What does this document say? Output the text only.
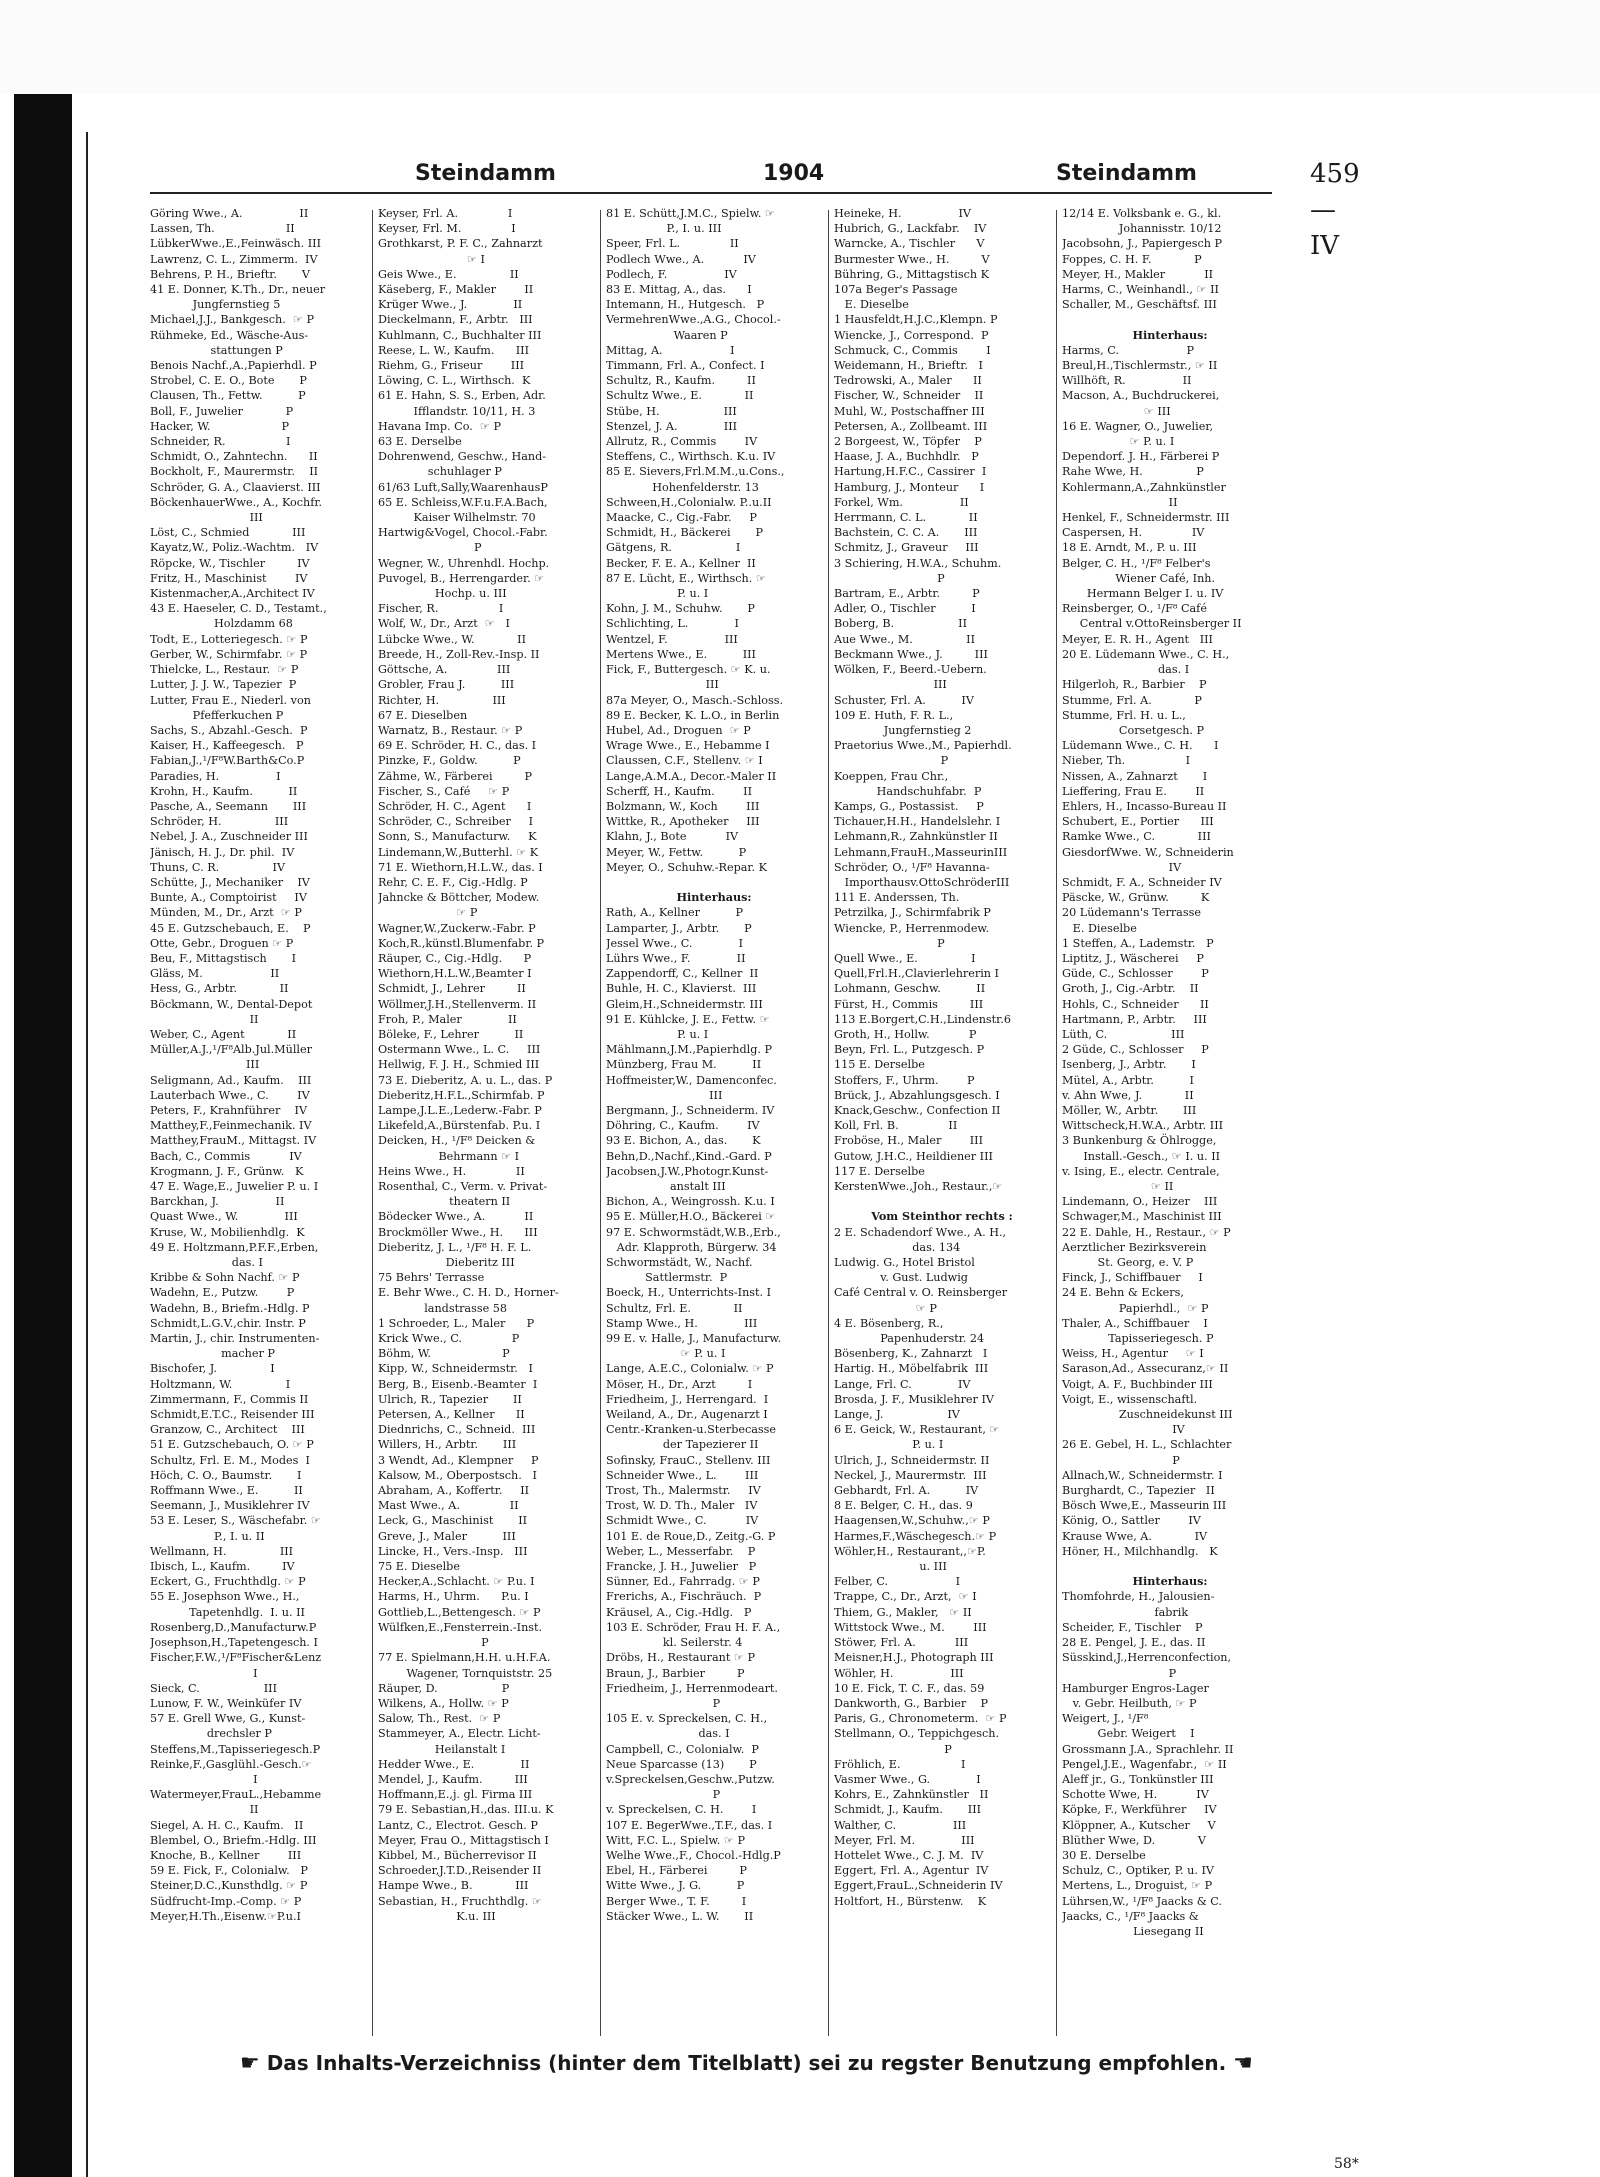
Steindamm	1904	Steindamm	459—IV
Göring Wwe., A.                II
Lassen, Th.                    II
LübkerWwe.,E.,Feinwäsch. III
Lawrenz, C. L., Zimmerm.  IV
Behrens, P. H., Brieftr.       V
41 E. Donner, K.Th., Dr., neuer
Jungfernstieg 5
Michael,J.J., Bankgesch.  ☞ P
Rühmeke, Ed., Wäsche-Aus-
stattungen P
Benois Nachf.,A.,Papierhdl. P
Strobel, C. E. O., Bote       P
Clausen, Th., Fettw.          P
Boll, F., Juwelier            P
Hacker, W.                    P
Schneider, R.                 I
Schmidt, O., Zahntechn.      II
Bockholt, F., Maurermstr.    II
Schröder, G. A., Claavierst. III
BöckenhauerWwe., A., Kochfr.
III
Löst, C., Schmied            III
Kayatz,W., Poliz.-Wachtm.   IV
Röpcke, W., Tischler         IV
Fritz, H., Maschinist        IV
Kistenmacher,A.,Architect IV
43 E. Haeseler, C. D., Testamt.,
Holzdamm 68
Todt, E., Lotteriegesch. ☞ P
Gerber, W., Schirmfabr. ☞ P
Thielcke, L., Restaur.  ☞ P
Lutter, J. J. W., Tapezier  P
Lutter, Frau E., Niederl. von
Pfefferkuchen P
Sachs, S., Abzahl.-Gesch.  P
Kaiser, H., Kaffeegesch.   P
Fabian,J.,¹/F⁸W.Barth&Co.P
Paradies, H.                I
Krohn, H., Kaufm.          II
Pasche, A., Seemann       III
Schröder, H.               III
Nebel, J. A., Zuschneider III
Jänisch, H. J., Dr. phil.  IV
Thuns, C. R.               IV
Schütte, J., Mechaniker    IV
Bunte, A., Comptoirist     IV
Münden, M., Dr., Arzt  ☞ P
45 E. Gutzschebauch, E.    P
Otte, Gebr., Droguen ☞ P
Beu, F., Mittagstisch       I
Gläss, M.                   II
Hess, G., Arbtr.            II
Böckmann, W., Dental-Depot
II
Weber, C., Agent            II
Müller,A.J.,¹/F⁸Alb.Jul.Müller
III
Seligmann, Ad., Kaufm.    III
Lauterbach Wwe., C.        IV
Peters, F., Krahnführer    IV
Matthey,F.,Feinmechanik. IV
Matthey,FrauM., Mittagst. IV
Bach, C., Commis           IV
Krogmann, J. F., Grünw.   K
47 E. Wage,E., Juwelier P. u. I
Barckhan, J.                II
Quast Wwe., W.             III
Kruse, W., Mobilienhdlg.  K
49 E. Holtzmann,P.F.F.,Erben,
das. I
Kribbe & Sohn Nachf. ☞ P
Wadehn, E., Putzw.        P
Wadehn, B., Briefm.-Hdlg. P
Schmidt,L.G.V.,chir. Instr. P
Martin, J., chir. Instrumenten-
macher P
Bischofer, J.               I
Holtzmann, W.               I
Zimmermann, F., Commis II
Schmidt,E.T.C., Reisender III
Granzow, C., Architect    III
51 E. Gutzschebauch, O. ☞ P
Schultz, Frl. E. M., Modes  I
Höch, C. O., Baumstr.       I
Roffmann Wwe., E.          II
Seemann, J., Musiklehrer IV
53 E. Leser, S., Wäschefabr. ☞
P., I. u. II
Wellmann, H.               III
Ibisch, L., Kaufm.         IV
Eckert, G., Fruchthdlg. ☞ P
55 E. Josephson Wwe., H.,
Tapetenhdlg.  I. u. II
Rosenberg,D.,Manufacturw.P
Josephson,H.,Tapetengesch. I
Fischer,F.W.,¹/F⁸Fischer&Lenz
I
Sieck, C.                  III
Lunow, F. W., Weinküfer IV
57 E. Grell Wwe, G., Kunst-
drechsler P
Steffens,M.,Tapisseriegesch.P
Reinke,F.,Gasglühl.-Gesch.☞
I
Watermeyer,FrauL.,Hebamme
II
Siegel, A. H. C., Kaufm.   II
Blembel, O., Briefm.-Hdlg. III
Knoche, B., Kellner        III
59 E. Fick, F., Colonialw.   P
Steiner,D.C.,Kunsthdlg. ☞ P
Südfrucht-Imp.-Comp. ☞ P
Meyer,H.Th.,Eisenw.☞P.u.I
Keyser, Frl. A.              I
Keyser, Frl. M.              I
Grothkarst, P. F. C., Zahnarzt
☞ I
Geis Wwe., E.               II
Käseberg, F., Makler        II
Krüger Wwe., J.             II
Dieckelmann, F., Arbtr.   III
Kuhlmann, C., Buchhalter III
Reese, L. W., Kaufm.      III
Riehm, G., Friseur        III
Löwing, C. L., Wirthsch.  K
61 E. Hahn, S. S., Erben, Adr.
Ifflandstr. 10/11, H. 3
Havana Imp. Co.  ☞ P
63 E. Derselbe
Dohrenwend, Geschw., Hand-
schuhlager P
61/63 Luft,Sally,WaarenhausP
65 E. Schleiss,W.F.u.F.A.Bach,
Kaiser Wilhelmstr. 70
Hartwig&Vogel, Chocol.-Fabr.
P
Wegner, W., Uhrenhdl. Hochp.
Puvogel, B., Herrengarder. ☞
Hochp. u. III
Fischer, R.                 I
Wolf, W., Dr., Arzt  ☞   I
Lübcke Wwe., W.            II
Breede, H., Zoll-Rev.-Insp. II
Göttsche, A.              III
Grobler, Frau J.          III
Richter, H.               III
67 E. Dieselben
Warnatz, B., Restaur. ☞ P
69 E. Schröder, H. C., das. I
Pinzke, F., Goldw.          P
Zähme, W., Färberei         P
Fischer, S., Café     ☞ P
Schröder, H. C., Agent      I
Schröder, C., Schreiber     I
Sonn, S., Manufacturw.     K
Lindemann,W.,Butterhl. ☞ K
71 E. Wiethorn,H.L.W., das. I
Rehr, C. E. F., Cig.-Hdlg. P
Jahncke & Böttcher, Modew.
☞ P
Wagner,W.,Zuckerw.-Fabr. P
Koch,R.,künstl.Blumenfabr. P
Räuper, C., Cig.-Hdlg.      P
Wiethorn,H.L.W.,Beamter I
Schmidt, J., Lehrer         II
Wöllmer,J.H.,Stellenverm. II
Froh, P., Maler             II
Böleke, F., Lehrer          II
Ostermann Wwe., L. C.     III
Hellwig, F. J. H., Schmied III
73 E. Dieberitz, A. u. L., das. P
Dieberitz,H.F.L.,Schirmfab. P
Lampe,J.L.E.,Lederw.-Fabr. P
Likefeld,A.,Bürstenfab. P.u. I
Deicken, H., ¹/F⁸ Deicken &
Behrmann ☞ I
Heins Wwe., H.              II
Rosenthal, C., Verm. v. Privat-
theatern II
Bödecker Wwe., A.           II
Brockmöller Wwe., H.      III
Dieberitz, J. L., ¹/F⁸ H. F. L.
Dieberitz III
75 Behrs' Terrasse
E. Behr Wwe., C. H. D., Horner-
landstrasse 58
1 Schroeder, L., Maler      P
Krick Wwe., C.              P
Böhm, W.                    P
Kipp, W., Schneidermstr.   I
Berg, B., Eisenb.-Beamter  I
Ulrich, R., Tapezier       II
Petersen, A., Kellner      II
Diednrichs, C., Schneid.  III
Willers, H., Arbtr.       III
3 Wendt, Ad., Klempner     P
Kalsow, M., Oberpostsch.   I
Abraham, A., Koffertr.     II
Mast Wwe., A.              II
Leck, G., Maschinist       II
Greve, J., Maler          III
Lincke, H., Vers.-Insp.   III
75 E. Dieselbe
Hecker,A.,Schlacht. ☞ P.u. I
Harms, H., Uhrm.      P.u. I
Gottlieb,L.,Bettengesch. ☞ P
Wülfken,E.,Fensterrein.-Inst.
P
77 E. Spielmann,H.H. u.H.F.A.
Wagener, Tornquiststr. 25
Räuper, D.                  P
Wilkens, A., Hollw. ☞ P
Salow, Th., Rest.  ☞ P
Stammeyer, A., Electr. Licht-
Heilanstalt I
Hedder Wwe., E.             II
Mendel, J., Kaufm.         III
Hoffmann,E.,j. gl. Firma III
79 E. Sebastian,H.,das. III.u. K
Lantz, C., Electrot. Gesch. P
Meyer, Frau O., Mittagstisch I
Kibbel, M., Bücherrevisor II
Schroeder,J.T.D.,Reisender II
Hampe Wwe., B.            III
Sebastian, H., Fruchthdlg. ☞
K.u. III
81 E. Schütt,J.M.C., Spielw. ☞
P., I. u. III
Speer, Frl. L.              II
Podlech Wwe., A.           IV
Podlech, F.                IV
83 E. Mittag, A., das.      I
Intemann, H., Hutgesch.   P
VermehrenWwe.,A.G., Chocol.-
Waaren P
Mittag, A.                   I
Timmann, Frl. A., Confect. I
Schultz, R., Kaufm.         II
Schultz Wwe., E.            II
Stübe, H.                  III
Stenzel, J. A.             III
Allrutz, R., Commis        IV
Steffens, C., Wirthsch. K.u. IV
85 E. Sievers,Frl.M.M.,u.Cons.,
Hohenfelderstr. 13
Schween,H.,Colonialw. P..u.II
Maacke, C., Cig.-Fabr.     P
Schmidt, H., Bäckerei       P
Gätgens, R.                  I
Becker, F. E. A., Kellner  II
87 E. Lücht, E., Wirthsch. ☞
P. u. I
Kohn, J. M., Schuhw.       P
Schlichting, L.             I
Wentzel, F.                III
Mertens Wwe., E.          III
Fick, F., Buttergesch. ☞ K. u.
III
87a Meyer, O., Masch.-Schloss.
89 E. Becker, K. L.O., in Berlin
Hubel, Ad., Droguen  ☞ P
Wrage Wwe., E., Hebamme I
Claussen, C.F., Stellenv. ☞ I
Lange,A.M.A., Decor.-Maler II
Scherff, H., Kaufm.        II
Bolzmann, W., Koch        III
Wittke, R., Apotheker     III
Klahn, J., Bote           IV
Meyer, W., Fettw.          P
Meyer, O., Schuhw.-Repar. K

Hinterhaus:
Rath, A., Kellner          P
Lamparter, J., Arbtr.       P
Jessel Wwe., C.             I
Lührs Wwe., F.             II
Zappendorff, C., Kellner  II
Buhle, H. C., Klavierst.  III
Gleim,H.,Schneidermstr. III
91 E. Kühlcke, J. E., Fettw. ☞
P. u. I
Mählmann,J.M.,Papierhdlg. P
Münzberg, Frau M.          II
Hoffmeister,W., Damenconfec.
III
Bergmann, J., Schneiderm. IV
Döhring, C., Kaufm.        IV
93 E. Bichon, A., das.       K
Behn,D.,Nachf.,Kind.-Gard. P
Jacobsen,J.W.,Photogr.Kunst-
anstalt III
Bichon, A., Weingrossh. K.u. I
95 E. Müller,H.O., Bäckerei ☞
97 E. Schwormstädt,W.B.,Erb.,
Adr. Klapproth, Bürgerw. 34
Schwormstädt, W., Nachf.
Sattlermstr.  P
Boeck, H., Unterrichts-Inst. I
Schultz, Frl. E.            II
Stamp Wwe., H.             III
99 E. v. Halle, J., Manufacturw.
☞ P. u. I
Lange, A.E.C., Colonialw. ☞ P
Möser, H., Dr., Arzt         I
Friedheim, J., Herrengard.  I
Weiland, A., Dr., Augenarzt I
Centr.-Kranken-u.Sterbecasse
der Tapezierer II
Sofinsky, FrauC., Stellenv. III
Schneider Wwe., L.        III
Trost, Th., Malermstr.     IV
Trost, W. D. Th., Maler   IV
Schmidt Wwe., C.           IV
101 E. de Roue,D., Zeitg.-G. P
Weber, L., Messerfabr.    P
Francke, J. H., Juwelier   P
Sünner, Ed., Fahrradg. ☞ P
Frerichs, A., Fischräuch.  P
Kräusel, A., Cig.-Hdlg.   P
103 E. Schröder, Frau H. F. A.,
kl. Seilerstr. 4
Dröbs, H., Restaurant ☞ P
Braun, J., Barbier         P
Friedheim, J., Herrenmodeart.
P
105 E. v. Spreckelsen, C. H.,
das. I
Campbell, C., Colonialw.  P
Neue Sparcasse (13)       P
v.Spreckelsen,Geschw.,Putzw.
P
v. Spreckelsen, C. H.        I
107 E. BegerWwe.,T.F., das. I
Witt, F.C. L., Spielw. ☞ P
Welhe Wwe.,F., Chocol.-Hdlg.P
Ebel, H., Färberei         P
Witte Wwe., J. G.          P
Berger Wwe., T. F.         I
Stäcker Wwe., L. W.       II
Heineke, H.                IV
Hubrich, G., Lackfabr.    IV
Warncke, A., Tischler      V
Burmester Wwe., H.         V
Bühring, G., Mittagstisch K
107a Beger's Passage
E. Dieselbe
1 Hausfeldt,H.J.C.,Klempn. P
Wiencke, J., Correspond.  P
Schmuck, C., Commis        I
Weidemann, H., Brieftr.   I
Tedrowski, A., Maler      II
Fischer, W., Schneider    II
Muhl, W., Postschaffner III
Petersen, A., Zollbeamt. III
2 Borgeest, W., Töpfer    P
Haase, J. A., Buchhdlr.   P
Hartung,H.F.C., Cassirer  I
Hamburg, J., Monteur      I
Forkel, Wm.                II
Herrmann, C. L.            II
Bachstein, C. C. A.       III
Schmitz, J., Graveur     III
3 Schiering, H.W.A., Schuhm.
P
Bartram, E., Arbtr.         P
Adler, O., Tischler          I
Boberg, B.                  II
Aue Wwe., M.               II
Beckmann Wwe., J.         III
Wölken, F., Beerd.-Uebern.
III
Schuster, Frl. A.          IV
109 E. Huth, F. R. L.,
Jungfernstieg 2
Praetorius Wwe.,M., Papierhdl.
P
Koeppen, Frau Chr.,
Handschuhfabr.  P
Kamps, G., Postassist.     P
Tichauer,H.H., Handelslehr. I
Lehmann,R., Zahnkünstler II
Lehmann,FrauH.,MasseurinIII
Schröder, O., ¹/F⁸ Havanna-
Importhausv.OttoSchröderIII
111 E. Anderssen, Th.
Petrzilka, J., Schirmfabrik P
Wiencke, P., Herrenmodew.
P
Quell Wwe., E.               I
Quell,Frl.H.,Clavierlehrerin I
Lohmann, Geschw.          II
Fürst, H., Commis         III
113 E.Borgert,C.H.,Lindenstr.6
Groth, H., Hollw.           P
Beyn, Frl. L., Putzgesch. P
115 E. Derselbe
Stoffers, F., Uhrm.        P
Brück, J., Abzahlungsgesch. I
Knack,Geschw., Confection II
Koll, Frl. B.              II
Froböse, H., Maler        III
Gutow, J.H.C., Heildiener III
117 E. Derselbe
KerstenWwe.,Joh., Restaur.,☞

Vom Steinthor rechts :
2 E. Schadendorf Wwe., A. H.,
das. 134
Ludwig. G., Hotel Bristol
v. Gust. Ludwig
Café Central v. O. Reinsberger
☞ P
4 E. Bösenberg, R.,
Papenhuderstr. 24
Bösenberg, K., Zahnarzt   I
Hartig. H., Möbelfabrik  III
Lange, Frl. C.             IV
Brosda, J. F., Musiklehrer IV
Lange, J.                  IV
6 E. Geick, W., Restaurant, ☞
P. u. I
Ulrich, J., Schneidermstr. II
Neckel, J., Maurermstr.  III
Gebhardt, Frl. A.          IV
8 E. Belger, C. H., das. 9
Haagensen,W.,Schuhw.,☞ P
Harmes,F.,Wäschegesch.☞ P
Wöhler,H., Restaurant,,☞P.
u. III
Felber, C.                   I
Trappe, C., Dr., Arzt,  ☞ I
Thiem, G., Makler,   ☞ II
Wittstock Wwe., M.        III
Stöwer, Frl. A.           III
Meisner,H.J., Photograph III
Wöhler, H.                III
10 E. Fick, T. C. F., das. 59
Dankworth, G., Barbier    P
Paris, G., Chronometerm.  ☞ P
Stellmann, O., Teppichgesch.
P
Fröhlich, E.                 I
Vasmer Wwe., G.             I
Kohrs, E., Zahnkünstler   II
Schmidt, J., Kaufm.       III
Walther, C.                III
Meyer, Frl. M.             III
Hottelet Wwe., C. J. M.  IV
Eggert, Frl. A., Agentur  IV
Eggert,FrauL.,Schneiderin IV
Holtfort, H., Bürstenw.    K
12/14 E. Volksbank e. G., kl.
Johannisstr. 10/12
Jacobsohn, J., Papiergesch P
Foppes, C. H. F.            P
Meyer, H., Makler           II
Harms, C., Weinhandl., ☞ II
Schaller, M., Geschäftsf. III

Hinterhaus:
Harms, C.                   P
Breul,H.,Tischlermstr., ☞ II
Willhöft, R.                II
Macson, A., Buchdruckerei,
☞ III
16 E. Wagner, O., Juwelier,
☞ P. u. I
Dependorf. J. H., Färberei P
Rahe Wwe, H.               P
Kohlermann,A.,Zahnkünstler
II
Henkel, F., Schneidermstr. III
Caspersen, H.              IV
18 E. Arndt, M., P. u. III
Belger, C. H., ¹/F⁸ Felber's
Wiener Café, Inh.
Hermann Belger I. u. IV
Reinsberger, O., ¹/F⁸ Café
Central v.OttoReinsberger II
Meyer, E. R. H., Agent   III
20 E. Lüdemann Wwe., C. H.,
das. I
Hilgerloh, R., Barbier    P
Stumme, Frl. A.            P
Stumme, Frl. H. u. L.,
Corsetgesch. P
Lüdemann Wwe., C. H.      I
Nieber, Th.                 I
Nissen, A., Zahnarzt       I
Lieffering, Frau E.        II
Ehlers, H., Incasso-Bureau II
Schubert, E., Portier      III
Ramke Wwe., C.            III
GiesdorfWwe. W., Schneiderin
IV
Schmidt, F. A., Schneider IV
Päscke, W., Grünw.         K
20 Lüdemann's Terrasse
E. Dieselbe
1 Steffen, A., Lademstr.   P
Liptitz, J., Wäscherei     P
Güde, C., Schlosser        P
Groth, J., Cig.-Arbtr.    II
Hohls, C., Schneider      II
Hartmann, P., Arbtr.     III
Lüth, C.                  III
2 Güde, C., Schlosser     P
Isenberg, J., Arbtr.       I
Mütel, A., Arbtr.          I
v. Ahn Wwe, J.            II
Möller, W., Arbtr.       III
Wittscheck,H.W.A., Arbtr. III
3 Bunkenburg & Öhlrogge,
Install.-Gesch., ☞ I. u. II
v. Ising, E., electr. Centrale,
☞ II
Lindemann, O., Heizer    III
Schwager,M., Maschinist III
22 E. Dahle, H., Restaur., ☞ P
Aerztlicher Bezirksverein
St. Georg, e. V. P
Finck, J., Schiffbauer     I
24 E. Behn & Eckers,
Papierhdl.,  ☞ P
Thaler, A., Schiffbauer    I
Tapisseriegesch. P
Weiss, H., Agentur     ☞ I
Sarason,Ad., Assecuranz,☞ II
Voigt, A. F., Buchbinder III
Voigt, E., wissenschaftl.
Zuschneidekunst III
IV
26 E. Gebel, H. L., Schlachter
P
Allnach,W., Schneidermstr. I
Burghardt, C., Tapezier   II
Bösch Wwe,E., Masseurin III
König, O., Sattler        IV
Krause Wwe, A.            IV
Höner, H., Milchhandlg.   K

Hinterhaus:
Thomfohrde, H., Jalousien-
fabrik
Scheider, F., Tischler    P
28 E. Pengel, J. E., das. II
Süsskind,J.,Herrenconfection,
P
Hamburger Engros-Lager
v. Gebr. Heilbuth, ☞ P
Weigert, J., ¹/F⁸
Gebr. Weigert    I
Grossmann J.A., Sprachlehr. II
Pengel,J.E., Wagenfabr.,  ☞ II
Aleff jr., G., Tonkünstler III
Schotte Wwe, H.           IV
Köpke, F., Werkführer     IV
Klöppner, A., Kutscher     V
Blüther Wwe, D.            V
30 E. Derselbe
Schulz, C., Optiker, P. u. IV
Mertens, L., Droguist, ☞ P
Lührsen,W., ¹/F⁸ Jaacks & C.
Jaacks, C., ¹/F⁸ Jaacks &
Liesegang II
☛ Das Inhalts-Verzeichniss (hinter dem Titelblatt) sei zu regster Benutzung empfohlen. ☚
58*
